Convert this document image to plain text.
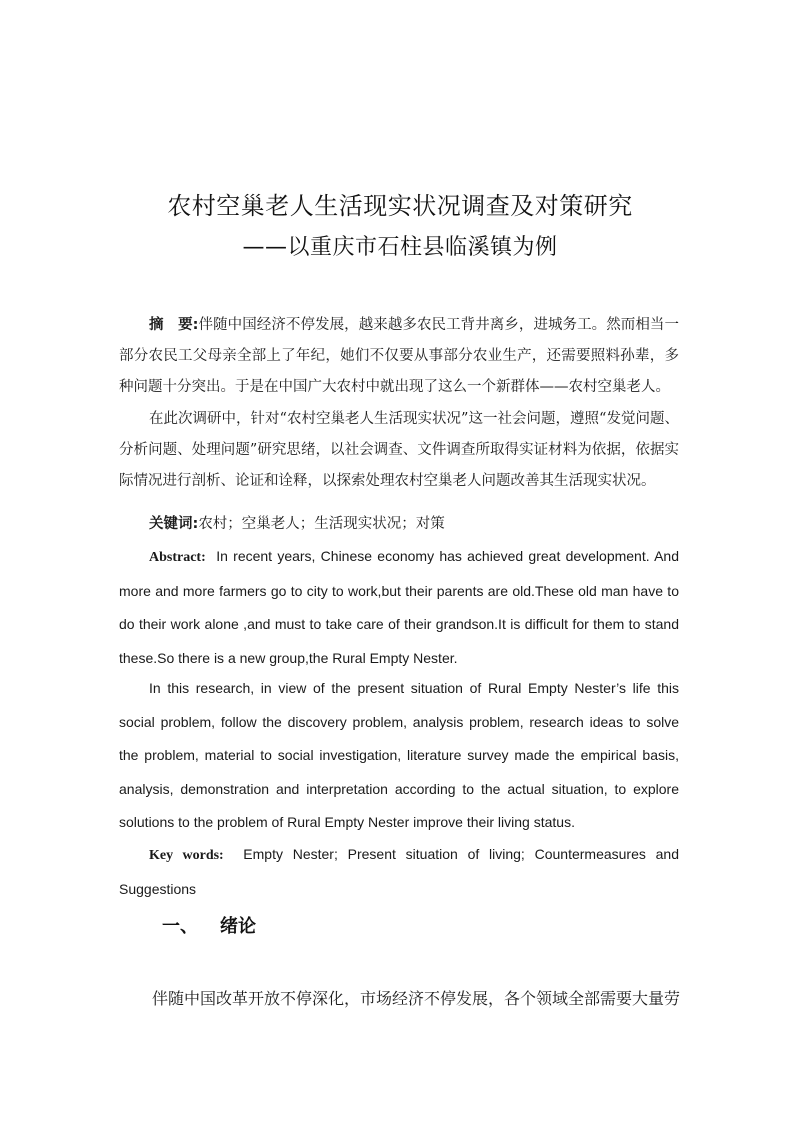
农村空巢老人生活现实状况调查及对策研究
——以重庆市石柱县临溪镇为例
摘　要:伴随中国经济不停发展，越来越多农民工背井离乡，进城务工。然而相当一部分农民工父母亲全部上了年纪，她们不仅要从事部分农业生产，还需要照料孙辈，多种问题十分突出。于是在中国广大农村中就出现了这么一个新群体——农村空巢老人。
在此次调研中，针对“农村空巢老人生活现实状况”这一社会问题，遵照“发觉问题、分析问题、处理问题”研究思绪，以社会调查、文件调查所取得实证材料为依据，依据实际情况进行剖析、论证和诠释，以探索处理农村空巢老人问题改善其生活现实状况。
关键词:农村；空巢老人；生活现实状况；对策
Abstract: In recent years, Chinese economy has achieved great development. And more and more farmers go to city to work,but their parents are old.These old man have to do their work alone ,and must to take care of their grandson.It is difficult for them to stand these.So there is a new group,the Rural Empty Nester.
In this research, in view of the present situation of Rural Empty Nester’s life this social problem, follow the discovery problem, analysis problem, research ideas to solve the problem, material to social investigation, literature survey made the empirical basis, analysis, demonstration and interpretation according to the actual situation, to explore solutions to the problem of Rural Empty Nester improve their living status.
Key words: Empty Nester; Present situation of living; Countermeasures and Suggestions
一、 绪论
伴随中国改革开放不停深化，市场经济不停发展，各个领域全部需要大量劳
